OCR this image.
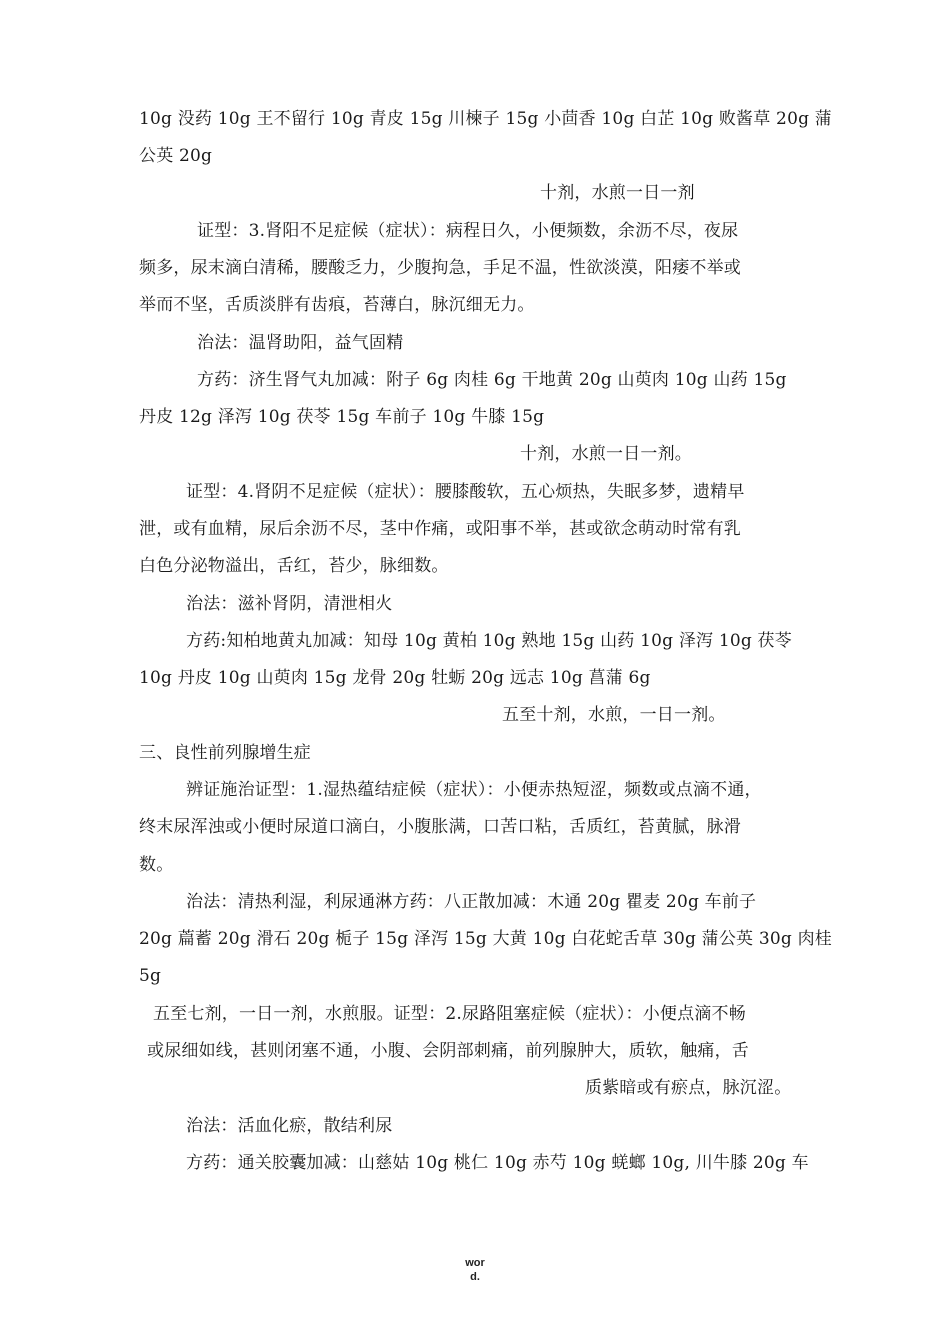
10g 没药 10g 王不留行 10g 青皮 15g 川楝子 15g 小茴香 10g 白芷 10g 败酱草 20g 蒲
公英 20g
十剂，水煎一日一剂
证型：3.肾阳不足症候（症状）：病程日久，小便频数，余沥不尽，夜尿
频多，尿末滴白清稀，腰酸乏力，少腹拘急，手足不温，性欲淡漠，阳痿不举或
举而不坚，舌质淡胖有齿痕，苔薄白，脉沉细无力。
治法：温肾助阳，益气固精
方药：济生肾气丸加减：附子 6g 肉桂 6g 干地黄 20g 山萸肉 10g 山药 15g
丹皮 12g 泽泻 10g 茯苓 15g 车前子 10g 牛膝 15g
十剂，水煎一日一剂。
证型：4.肾阴不足症候（症状）：腰膝酸软，五心烦热，失眠多梦，遗精早
泄，或有血精，尿后余沥不尽，茎中作痛，或阳事不举，甚或欲念萌动时常有乳
白色分泌物溢出，舌红，苔少，脉细数。
治法：滋补肾阴，清泄相火
方药:知柏地黄丸加减：知母 10g 黄柏 10g 熟地 15g 山药 10g 泽泻 10g 茯苓
10g 丹皮 10g 山萸肉 15g 龙骨 20g 牡蛎 20g 远志 10g 菖蒲 6g
五至十剂，水煎，一日一剂。
三、良性前列腺增生症
辨证施治证型：1.湿热蕴结症候（症状）：小便赤热短涩，频数或点滴不通，
终末尿浑浊或小便时尿道口滴白，小腹胀满，口苦口粘，舌质红，苔黄腻，脉滑
数。
治法：清热利湿，利尿通淋方药：八正散加减：木通 20g 瞿麦 20g 车前子
20g 萹蓄 20g 滑石 20g 栀子 15g 泽泻 15g 大黄 10g 白花蛇舌草 30g 蒲公英 30g 肉桂
5g
五至七剂，一日一剂，水煎服。证型：2.尿路阻塞症候（症状）：小便点滴不畅
或尿细如线，甚则闭塞不通，小腹、会阴部刺痛，前列腺肿大，质软，触痛，舌
质紫暗或有瘀点，脉沉涩。
治法：活血化瘀，散结利尿
方药：通关胶囊加减：山慈姑 10g 桃仁 10g 赤芍 10g 蜣螂 10g, 川牛膝 20g 车
wor
d.
